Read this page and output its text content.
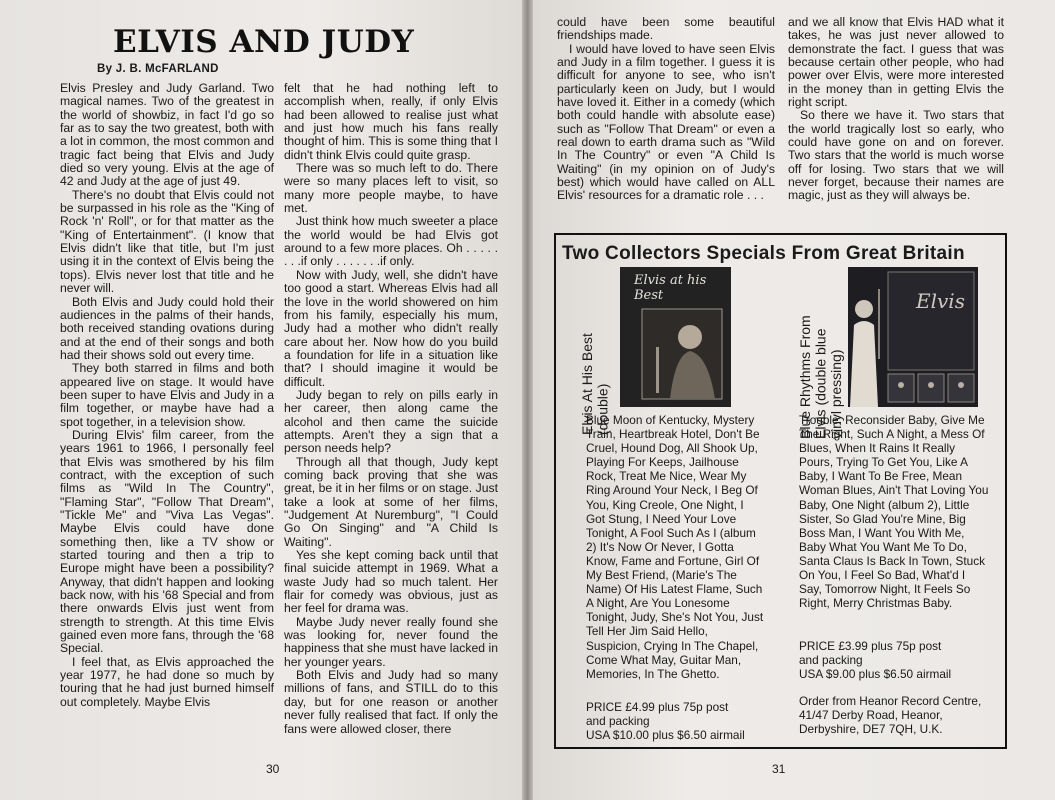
ELVIS AND JUDY
By J. B. McFARLAND

Elvis Presley and Judy Garland. Two magical names. Two of the greatest in the world of showbiz, in fact I'd go so far as to say the two greatest, both with a lot in common, the most common and tragic fact being that Elvis and Judy died so very young. Elvis at the age of 42 and Judy at the age of just 49.

There's no doubt that Elvis could not be surpassed in his role as the "King of Rock 'n' Roll", or for that matter as the "King of Entertainment". (I know that Elvis didn't like that title, but I'm just using it in the context of Elvis being the tops). Elvis never lost that title and he never will.

Both Elvis and Judy could hold their audiences in the palms of their hands, both received standing ovations during and at the end of their songs and both had their shows sold out every time.

They both starred in films and both appeared live on stage. It would have been super to have Elvis and Judy in a film together, or maybe have had a spot together, in a television show.

During Elvis' film career, from the years 1961 to 1966, I personally feel that Elvis was smothered by his film contract, with the exception of such films as "Wild In The Country", "Flaming Star", "Follow That Dream", "Tickle Me" and "Viva Las Vegas". Maybe Elvis could have done something then, like a TV show or started touring and then a trip to Europe might have been a possibility? Anyway, that didn't happen and looking back now, with his '68 Special and from there onwards Elvis just went from strength to strength. At this time Elvis gained even more fans, through the '68 Special.

I feel that, as Elvis approached the year 1977, he had done so much by touring that he had just burned himself out completely. Maybe Elvis

felt that he had nothing left to accomplish when, really, if only Elvis had been allowed to realise just what and just how much his fans really thought of him. This is some thing that I didn't think Elvis could quite grasp.

There was so much left to do. There were so many places left to visit, so many more people maybe, to have met.

Just think how much sweeter a place the world would be had Elvis got around to a few more places. Oh . . . . . . . .if only . . . . . . .if only.

Now with Judy, well, she didn't have too good a start. Whereas Elvis had all the love in the world showered on him from his family, especially his mum, Judy had a mother who didn't really care about her. Now how do you build a foundation for life in a situation like that? I should imagine it would be difficult.

Judy began to rely on pills early in her career, then along came the alcohol and then came the suicide attempts. Aren't they a sign that a person needs help?

Through all that though, Judy kept coming back proving that she was great, be it in her films or on stage. Just take a look at some of her films, "Judgement At Nuremburg", "I Could Go On Singing" and "A Child Is Waiting".

Yes she kept coming back until that final suicide attempt in 1969. What a waste Judy had so much talent. Her flair for comedy was obvious, just as her feel for drama was.

Maybe Judy never really found she was looking for, never found the happiness that she must have lacked in her younger years.

Both Elvis and Judy had so many millions of fans, and STILL do to this day, but for one reason or another never fully realised that fact. If only the fans were allowed closer, there

could have been some beautiful friendships made.

I would have loved to have seen Elvis and Judy in a film together. I guess it is difficult for anyone to see, who isn't particularly keen on Judy, but I would have loved it. Either in a comedy (which both could handle with absolute ease) such as "Follow That Dream" or even a real down to earth drama such as "Wild In The Country" or even "A Child Is Waiting" (in my opinion on of Judy's best) which would have called on ALL Elvis' resources for a dramatic role . . .

and we all know that Elvis HAD what it takes, he was just never allowed to demonstrate the fact. I guess that was because certain other people, who had power over Elvis, were more interested in the money than in getting Elvis the right script.

So there we have it. Two stars that the world tragically lost so early, who could have gone on and on forever. Two stars that the world is much worse off for losing. Two stars that we will never forget, because their names are magic, just as they will always be.

Two Collectors Specials From Great Britain
Elvis At His Best (double)
Elvis at his Best
Blue Moon of Kentucky, Mystery Train, Heartbreak Hotel, Don't Be Cruel, Hound Dog, All Shook Up, Playing For Keeps, Jailhouse Rock, Treat Me Nice, Wear My Ring Around Your Neck, I Beg Of You, King Creole, One Night, I Got Stung, I Need Your Love Tonight, A Fool Such As I (album 2) It's Now Or Never, I Gotta Know, Fame and Fortune, Girl Of My Best Friend, (Marie's The Name) Of His Latest Flame, Such A Night, Are You Lonesome Tonight, Judy, She's Not You, Just Tell Her Jim Said Hello, Suspicion, Crying In The Chapel, Come What May, Guitar Man, Memories, In The Ghetto.
PRICE £4.99 plus 75p post
and packing
USA $10.00 plus $6.50 airmail
Blue Rhythms From Elvis (double blue vinyl pressing)
Elvis
Trouble, Reconsider Baby, Give Me The Right, Such A Night, a Mess Of Blues, When It Rains It Really Pours, Trying To Get You, Like A Baby, I Want To Be Free, Mean Woman Blues, Ain't That Loving You Baby, One Night (album 2), Little Sister, So Glad You're Mine, Big Boss Man, I Want You With Me, Baby What You Want Me To Do, Santa Claus Is Back In Town, Stuck On You, I Feel So Bad, What'd I Say, Tomorrow Night, It Feels So Right, Merry Christmas Baby.
PRICE £3.99 plus 75p post
and packing
USA $9.00 plus $6.50 airmail
Order from Heanor Record Centre,
41/47 Derby Road, Heanor,
Derbyshire, DE7 7QH, U.K.
30	31
